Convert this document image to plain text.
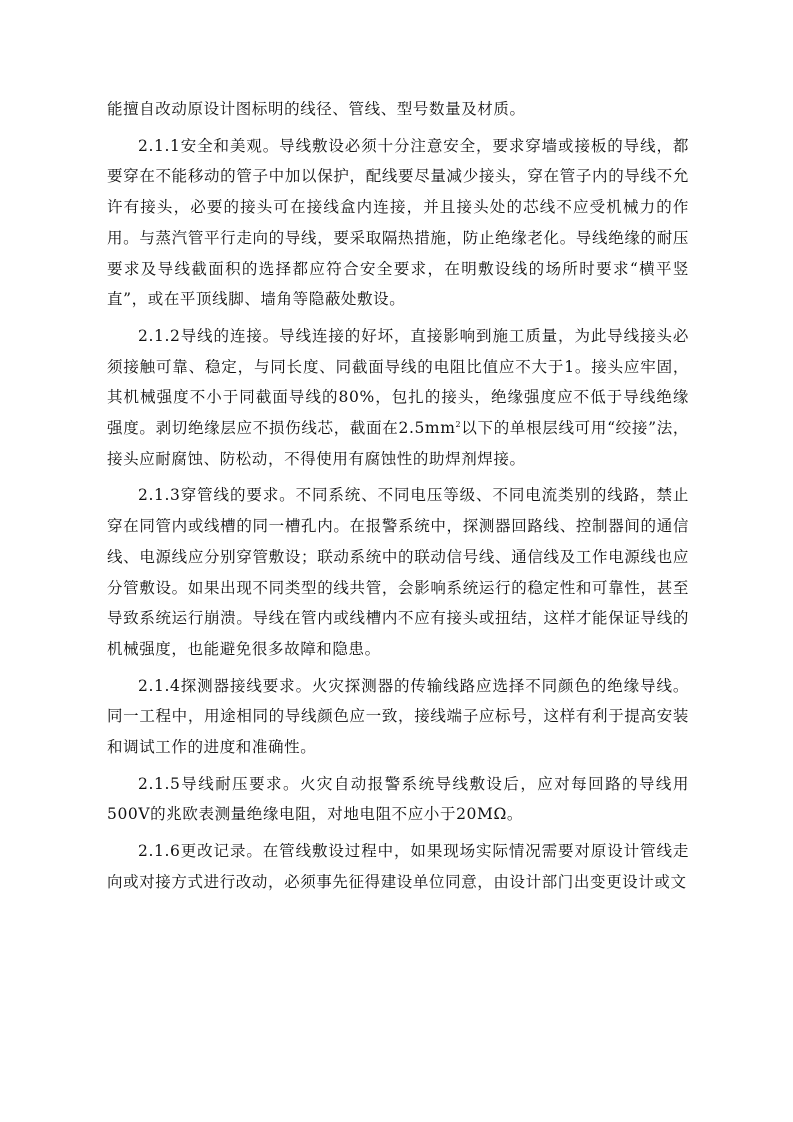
能擅自改动原设计图标明的线径、管线、型号数量及材质。

2.1.1安全和美观。导线敷设必须十分注意安全，要求穿墙或接板的导线，都要穿在不能移动的管子中加以保护，配线要尽量减少接头，穿在管子内的导线不允许有接头，必要的接头可在接线盒内连接，并且接头处的芯线不应受机械力的作用。与蒸汽管平行走向的导线，要采取隔热措施，防止绝缘老化。导线绝缘的耐压要求及导线截面积的选择都应符合安全要求，在明敷设线的场所时要求“横平竖直”，或在平顶线脚、墙角等隐蔽处敷设。

2.1.2导线的连接。导线连接的好坏，直接影响到施工质量，为此导线接头必须接触可靠、稳定，与同长度、同截面导线的电阻比值应不大于1。接头应牢固，其机械强度不小于同截面导线的80%，包扎的接头，绝缘强度应不低于导线绝缘强度。剥切绝缘层应不损伤线芯，截面在$2.5mm^2$以下的单根层线可用“绞接”法，接头应耐腐蚀、防松动，不得使用有腐蚀性的助焊剂焊接。

2.1.3穿管线的要求。不同系统、不同电压等级、不同电流类别的线路，禁止穿在同管内或线槽的同一槽孔内。在报警系统中，探测器回路线、控制器间的通信线、电源线应分别穿管敷设；联动系统中的联动信号线、通信线及工作电源线也应分管敷设。如果出现不同类型的线共管，会影响系统运行的稳定性和可靠性，甚至导致系统运行崩溃。导线在管内或线槽内不应有接头或扭结，这样才能保证导线的机械强度，也能避免很多故障和隐患。

2.1.4探测器接线要求。火灾探测器的传输线路应选择不同颜色的绝缘导线。同一工程中，用途相同的导线颜色应一致，接线端子应标号，这样有利于提高安装和调试工作的进度和准确性。

2.1.5导线耐压要求。火灾自动报警系统导线敷设后，应对每回路的导线用500V的兆欧表测量绝缘电阻，对地电阻不应小于20MΩ。

2.1.6更改记录。在管线敷设过程中，如果现场实际情况需要对原设计管线走向或对接方式进行改动，必须事先征得建设单位同意，由设计部门出变更设计或文
